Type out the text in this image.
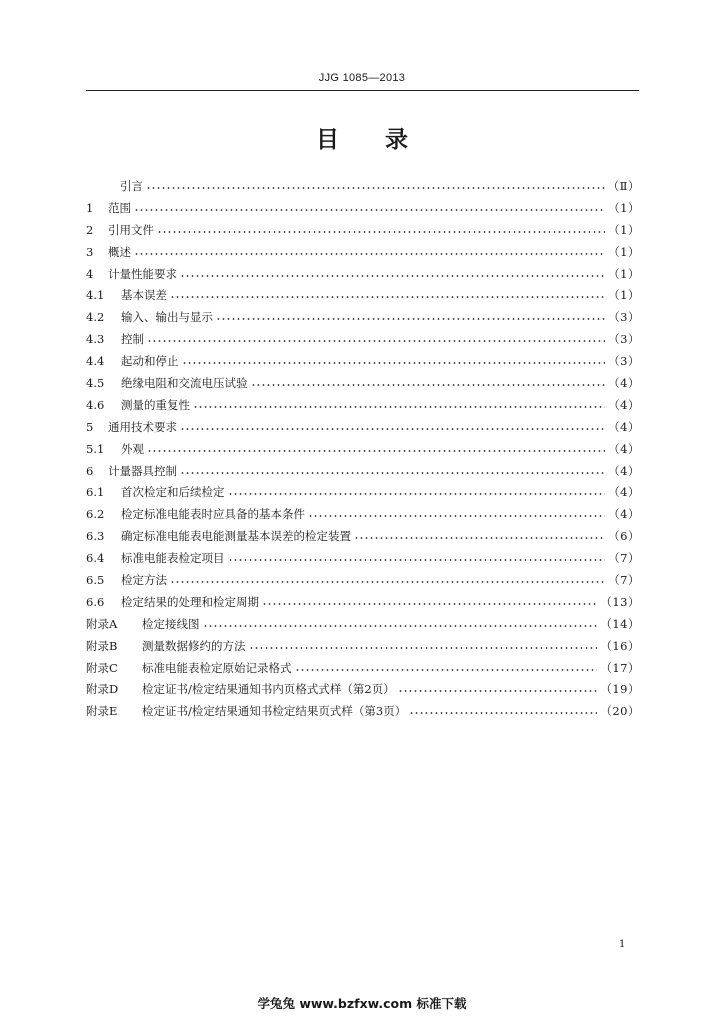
JJG 1085—2013
目录
引言	（Ⅱ）
1	范围	（1）
2	引用文件	（1）
3	概述	（1）
4	计量性能要求	（1）
4.1	基本误差	（1）
4.2	输入、输出与显示	（3）
4.3	控制	（3）
4.4	起动和停止	（3）
4.5	绝缘电阻和交流电压试验	（4）
4.6	测量的重复性	（4）
5	通用技术要求	（4）
5.1	外观	（4）
6	计量器具控制	（4）
6.1	首次检定和后续检定	（4）
6.2	检定标准电能表时应具备的基本条件	（4）
6.3	确定标准电能表电能测量基本误差的检定装置	（6）
6.4	标准电能表检定项目	（7）
6.5	检定方法	（7）
6.6	检定结果的处理和检定周期	（13）
附录A	检定接线图	（14）
附录B	测量数据修约的方法	（16）
附录C	标准电能表检定原始记录格式	（17）
附录D	检定证书/检定结果通知书内页格式式样（第2页）	（19）
附录E	检定证书/检定结果通知书检定结果页式样（第3页）	（20）
1
学兔兔 www.bzfxw.com 标准下载
